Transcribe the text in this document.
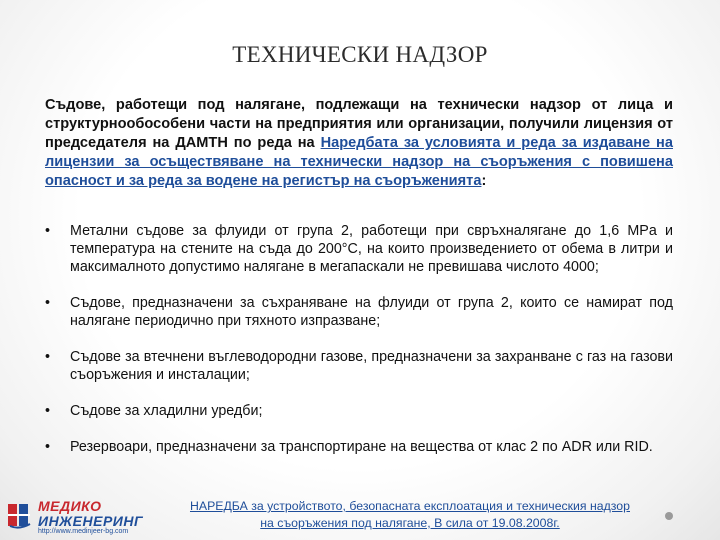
ТЕХНИЧЕСКИ НАДЗОР
Съдове, работещи под налягане, подлежащи на технически надзор от лица и структурнообособени части на предприятия или организации, получили лицензия от председателя на ДАМТН по реда на Наредбата за условията и реда за издаване на лицензии за осъществяване на технически надзор на съоръжения с повишена опасност и за реда за водене на регистър на съоръженията:
•	Метални съдове за флуиди от група 2, работещи при свръхналягане до 1,6 MPa и температура на стените на съда до 200°С, на които произведението от обема в литри и максималното допустимо налягане в мегапаскали не превишава числото 4000;
•	Съдове, предназначени за съхраняване на флуиди от група 2, които се намират под налягане периодично при тяхното изпразване;
•	Съдове за втечнени въглеводородни газове, предназначени за захранване с газ на газови съоръжения и инсталации;
•	Съдове за хладилни уредби;
•	Резервоари, предназначени за транспортиране на вещества от клас 2 по ADR или RID.
МЕДИКО
ИНЖЕНЕРИНГ
http://www.medinjeer-bg.com
НАРЕДБА за устройството, безопасната експлоатация и техническия надзор
на съоръжения под налягане, В сила от 19.08.2008г.
